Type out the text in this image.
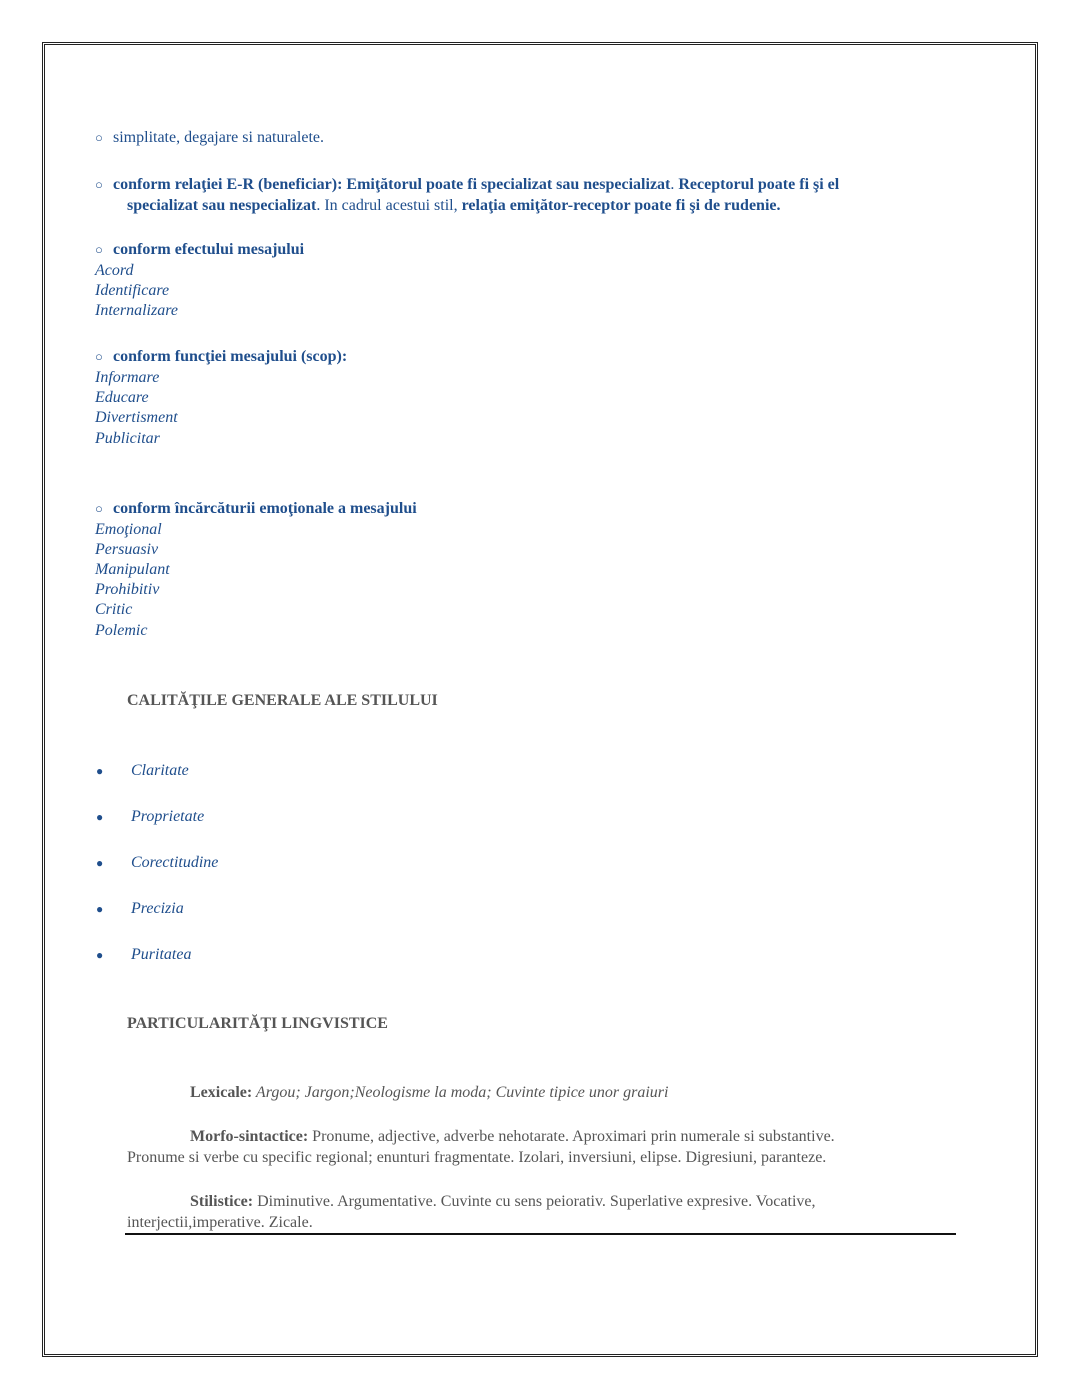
○ simplitate, degajare si naturalete.
○ conform relaţiei E-R (beneficiar): Emiţătorul poate fi specializat sau nespecializat. Receptorul poate fi şi el
specializat sau nespecializat. In cadrul acestui stil, relaţia emiţător-receptor poate fi şi de rudenie.
○ conform efectului mesajului
Acord
Identificare
Internalizare
○ conform funcţiei mesajului (scop):
Informare
Educare
Divertisment
Publicitar
○ conform încărcăturii emoţionale a mesajului
Emoţional
Persuasiv
Manipulant
Prohibitiv
Critic
Polemic
CALITĂŢILE GENERALE ALE STILULUI
● Claritate
● Proprietate
● Corectitudine
● Precizia
● Puritatea
PARTICULARITĂŢI LINGVISTICE
Lexicale: Argou; Jargon;Neologisme la moda; Cuvinte tipice unor graiuri
Morfo-sintactice: Pronume, adjective, adverbe nehotarate. Aproximari prin numerale si substantive.
Pronume si verbe cu specific regional; enunturi fragmentate. Izolari, inversiuni, elipse. Digresiuni, paranteze.
Stilistice: Diminutive. Argumentative. Cuvinte cu sens peiorativ. Superlative expresive. Vocative,
interjectii,imperative. Zicale.
